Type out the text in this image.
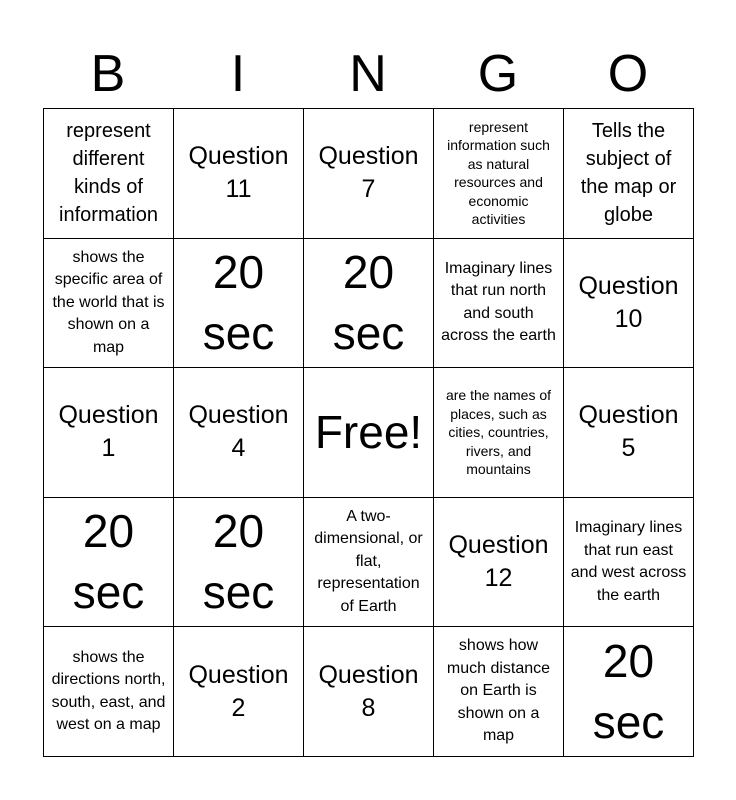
B	I	N	G	O
represent different kinds of information	Question 11	Question 7	represent information such as natural resources and economic activities	Tells the subject of the map or globe
shows the specific area of the world that is shown on a map	20 sec	20 sec	Imaginary lines that run north and south across the earth	Question 10
Question 1	Question 4	Free!	are the names of places, such as cities, countries, rivers, and mountains	Question 5
20 sec	20 sec	A two-dimensional, or flat, representation of Earth	Question 12	Imaginary lines that run east and west across the earth
shows the directions north, south, east, and west on a map	Question 2	Question 8	shows how much distance on Earth is shown on a map	20 sec
